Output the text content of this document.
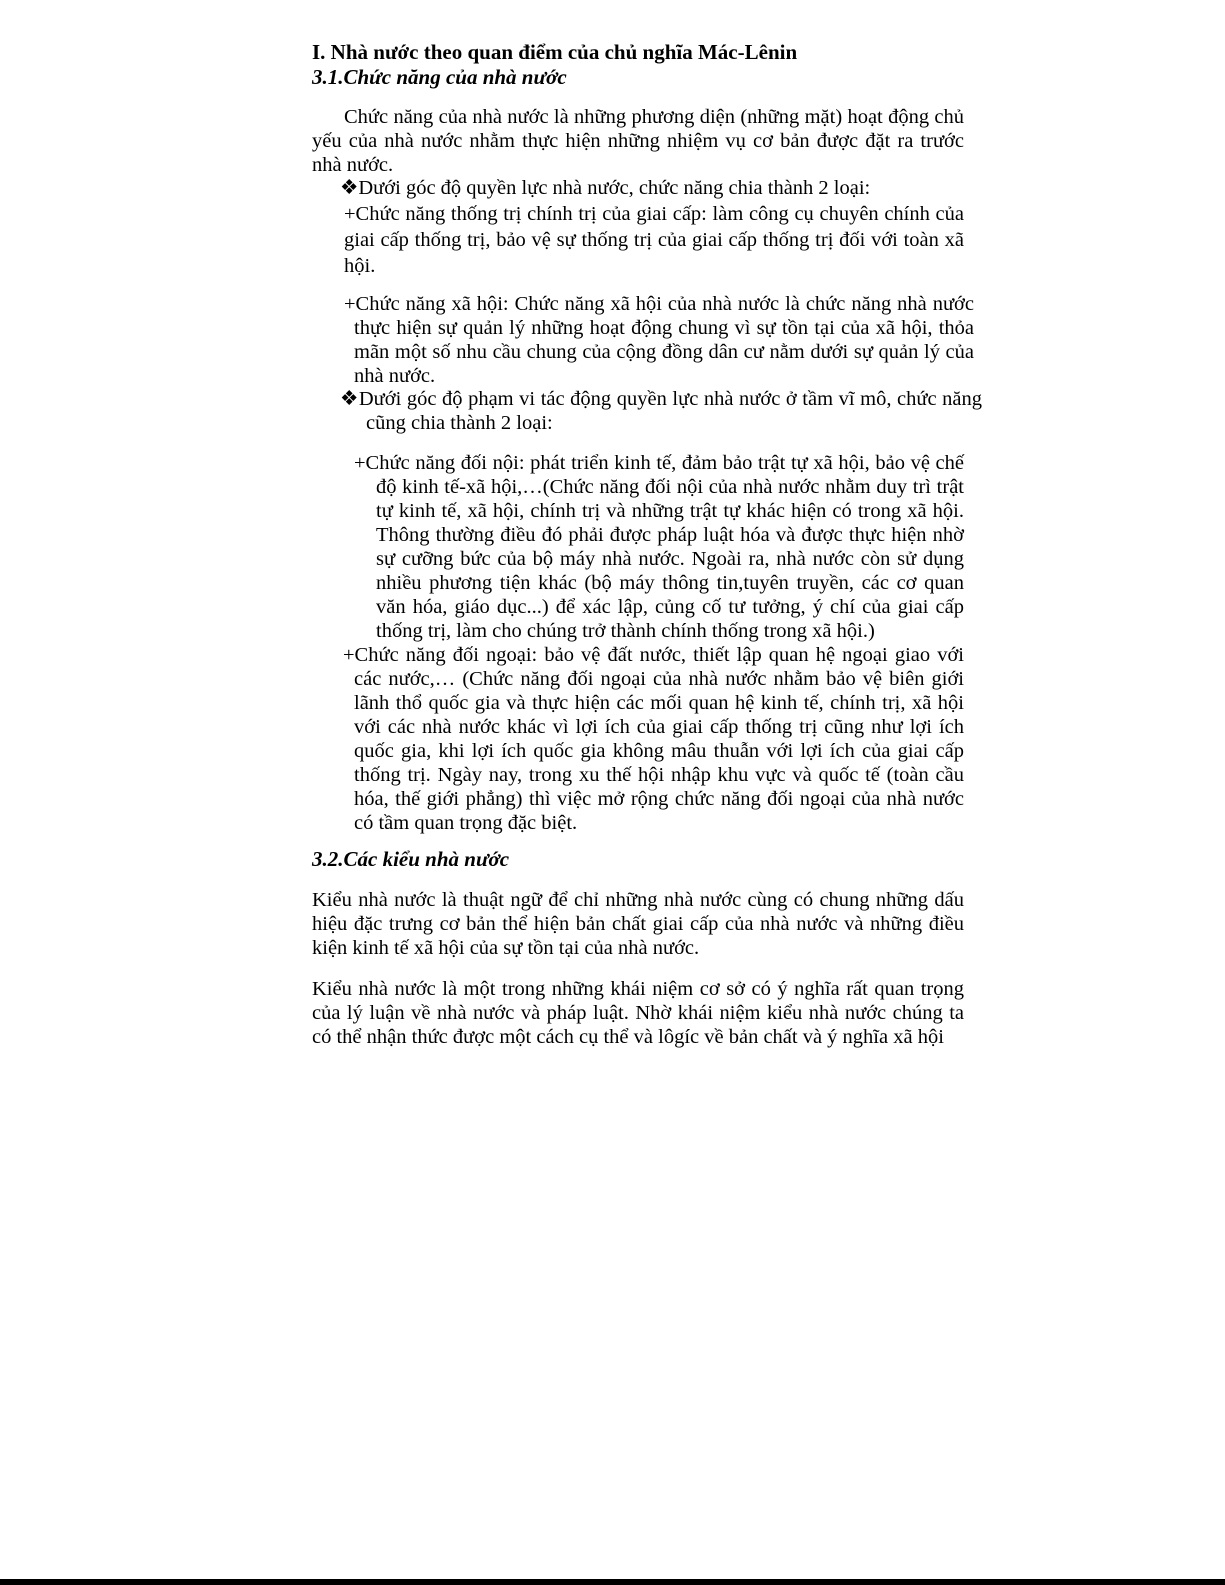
I. Nhà nước theo quan điểm của chủ nghĩa Mác-Lênin
3.1.Chức năng của nhà nước

Chức năng của nhà nước là những phương diện (những mặt) hoạt động chủ yếu của nhà nước nhằm thực hiện những nhiệm vụ cơ bản được đặt ra trước nhà nước.

❖Dưới góc độ quyền lực nhà nước, chức năng chia thành 2 loại:

+Chức năng thống trị chính trị của giai cấp: làm công cụ chuyên chính của giai cấp thống trị, bảo vệ sự thống trị của giai cấp thống trị đối với toàn xã hội.

+Chức năng xã hội: Chức năng xã hội của nhà nước là chức năng nhà nước thực hiện sự quản lý những hoạt động chung vì sự tồn tại của xã hội, thỏa mãn một số nhu cầu chung của cộng đồng dân cư nằm dưới sự quản lý của nhà nước.

❖Dưới góc độ phạm vi tác động quyền lực nhà nước ở tầm vĩ mô, chức năng cũng chia thành 2 loại:

+Chức năng đối nội: phát triển kinh tế, đảm bảo trật tự xã hội, bảo vệ chế độ kinh tế-xã hội,…(Chức năng đối nội của nhà nước nhằm duy trì trật tự kinh tế, xã hội, chính trị và những trật tự khác hiện có trong xã hội. Thông thường điều đó phải được pháp luật hóa và được thực hiện nhờ sự cưỡng bức của bộ máy nhà nước. Ngoài ra, nhà nước còn sử dụng nhiều phương tiện khác (bộ máy thông tin,tuyên truyền, các cơ quan văn hóa, giáo dục...) để xác lập, củng cố tư tưởng, ý chí của giai cấp thống trị, làm cho chúng trở thành chính thống trong xã hội.)

+Chức năng đối ngoại: bảo vệ đất nước, thiết lập quan hệ ngoại giao với các nước,… (Chức năng đối ngoại của nhà nước nhằm bảo vệ biên giới lãnh thổ quốc gia và thực hiện các mối quan hệ kinh tế, chính trị, xã hội với các nhà nước khác vì lợi ích của giai cấp thống trị cũng như lợi ích quốc gia, khi lợi ích quốc gia không mâu thuẫn với lợi ích của giai cấp thống trị. Ngày nay, trong xu thế hội nhập khu vực và quốc tế (toàn cầu hóa, thế giới phẳng) thì việc mở rộng chức năng đối ngoại của nhà nước có tầm quan trọng đặc biệt.

3.2.Các kiểu nhà nước

Kiểu nhà nước là thuật ngữ để chỉ những nhà nước cùng có chung những dấu hiệu đặc trưng cơ bản thể hiện bản chất giai cấp của nhà nước và những điều kiện kinh tế xã hội của sự tồn tại của nhà nước.

Kiểu nhà nước là một trong những khái niệm cơ sở có ý nghĩa rất quan trọng của lý luận về nhà nước và pháp luật. Nhờ khái niệm kiểu nhà nước chúng ta có thể nhận thức được một cách cụ thể và lôgíc về bản chất và ý nghĩa xã hội
